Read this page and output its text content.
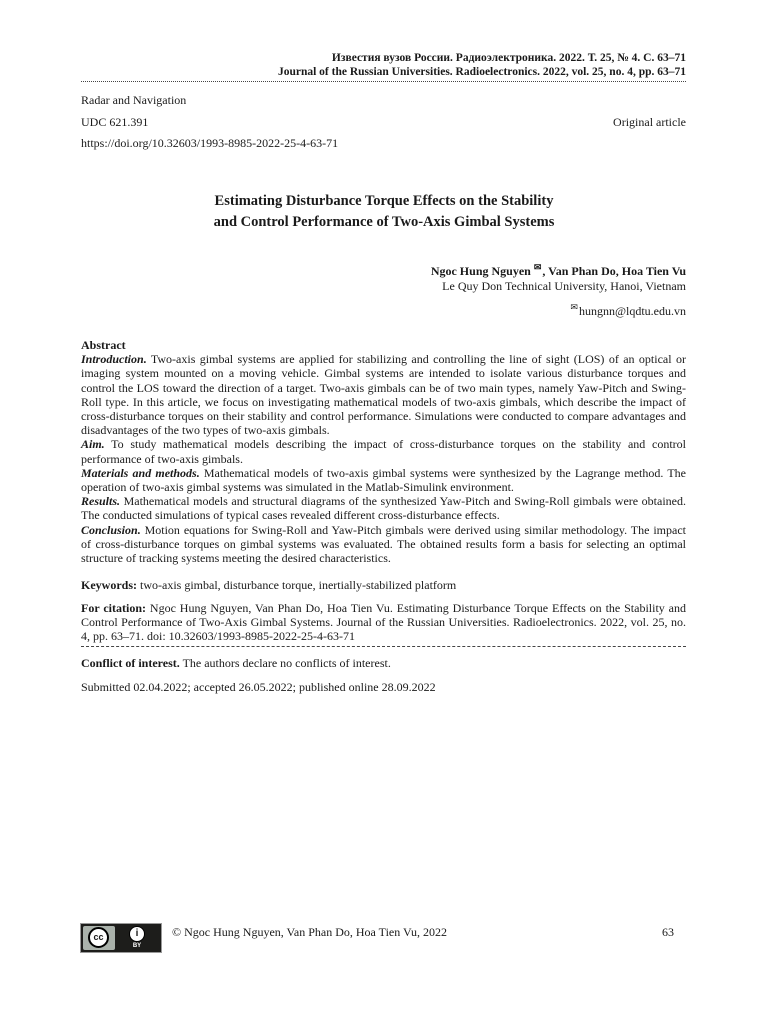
Известия вузов России. Радиоэлектроника. 2022. Т. 25, № 4. С. 63–71
Journal of the Russian Universities. Radioelectronics. 2022, vol. 25, no. 4, pp. 63–71
Radar and Navigation
UDC 621.391	Original article
https://doi.org/10.32603/1993-8985-2022-25-4-63-71
Estimating Disturbance Torque Effects on the Stability
and Control Performance of Two-Axis Gimbal Systems
Ngoc Hung Nguyen ✉, Van Phan Do, Hoa Tien Vu
Le Quy Don Technical University, Hanoi, Vietnam
✉hungnn@lqdtu.edu.vn

Abstract

Introduction. Two-axis gimbal systems are applied for stabilizing and controlling the line of sight (LOS) of an optical or imaging system mounted on a moving vehicle. Gimbal systems are intended to isolate various disturbance torques and control the LOS toward the direction of a target. Two-axis gimbals can be of two main types, namely Yaw-Pitch and Swing-Roll type. In this article, we focus on investigating mathematical models of two-axis gimbals, which describe the impact of cross-disturbance torques on their stability and control performance. Simulations were conducted to compare advantages and disadvantages of the two types of two-axis gimbals.

Aim. To study mathematical models describing the impact of cross-disturbance torques on the stability and control performance of two-axis gimbals.

Materials and methods. Mathematical models of two-axis gimbal systems were synthesized by the Lagrange method. The operation of two-axis gimbal systems was simulated in the Matlab-Simulink environment.

Results. Mathematical models and structural diagrams of the synthesized Yaw-Pitch and Swing-Roll gimbals were obtained. The conducted simulations of typical cases revealed different cross-disturbance effects.

Conclusion. Motion equations for Swing-Roll and Yaw-Pitch gimbals were derived using similar methodology. The impact of cross-disturbance torques on gimbal systems was evaluated. The obtained results form a basis for selecting an optimal structure of tracking systems meeting the desired characteristics.

Keywords: two-axis gimbal, disturbance torque, inertially-stabilized platform
For citation: Ngoc Hung Nguyen, Van Phan Do, Hoa Tien Vu. Estimating Disturbance Torque Effects on the Stability and Control Performance of Two-Axis Gimbal Systems. Journal of the Russian Universities. Radioelectronics. 2022, vol. 25, no. 4, pp. 63–71. doi: 10.32603/1993-8985-2022-25-4-63-71
Conflict of interest. The authors declare no conflicts of interest.
Submitted 02.04.2022; accepted 26.05.2022; published online 28.09.2022
cc	i
BY
© Ngoc Hung Nguyen, Van Phan Do, Hoa Tien Vu, 2022	63
